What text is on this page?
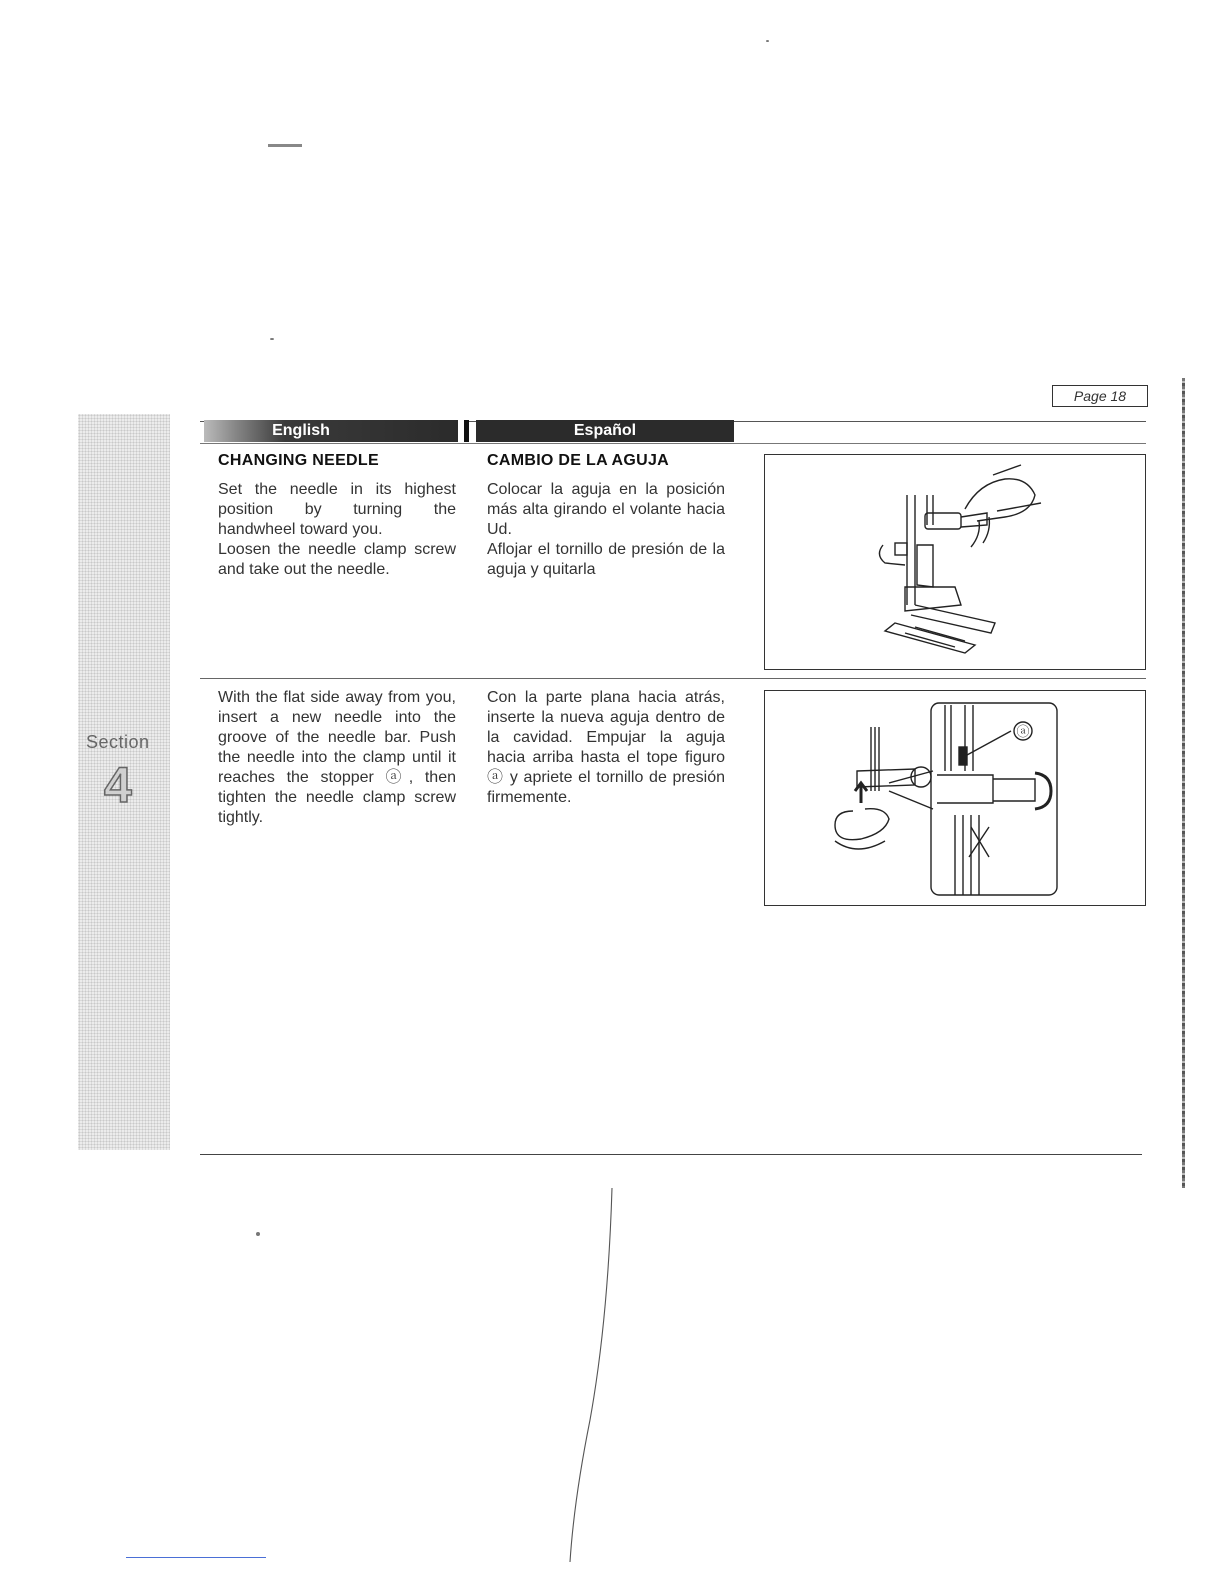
Page 18
English	Español
Section
4
CHANGING NEEDLE

Set the needle in its highest position by turning the handwheel toward you.

Loosen the needle clamp screw and take out the needle.

CAMBIO DE LA AGUJA

Colocar la aguja en la posición más alta girando el volante hacia Ud.

Aflojar el tornillo de presión de la aguja y quitarla

With the flat side away from you, insert a new needle into the groove of the needle bar. Push the needle into the clamp until it reaches the stopper ⓐ, then tighten the needle clamp screw tightly.
Con la parte plana hacia atrás, inserte la nueva aguja dentro de la cavidad. Empujar la aguja hacia arriba hasta el tope figuro ⓐ y apriete el tornillo de presión firmemente.
ⓐ
